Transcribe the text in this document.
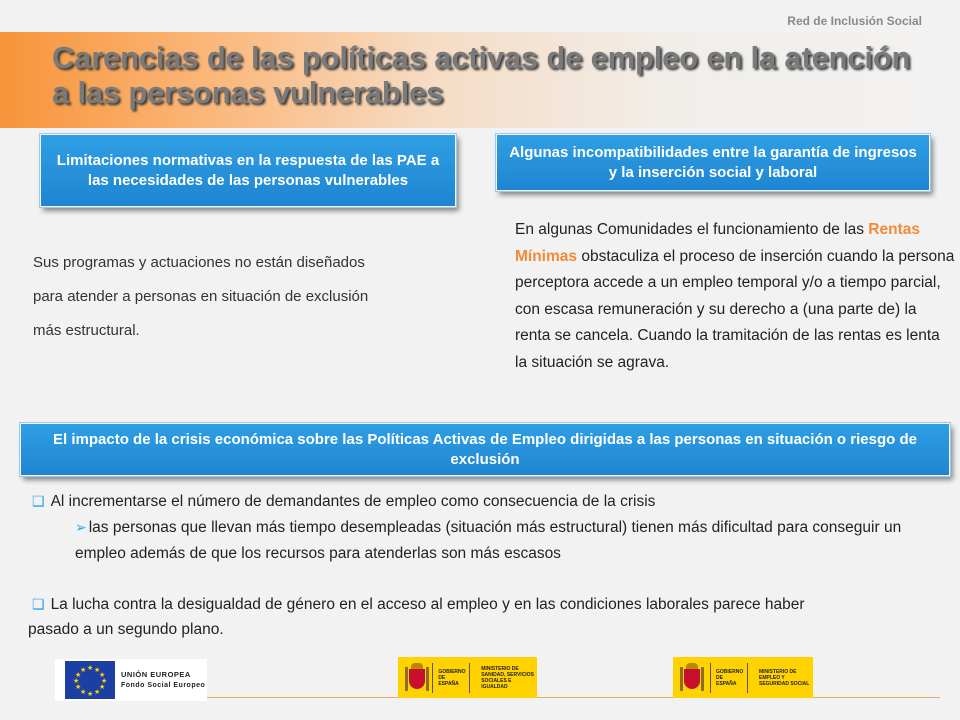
Red de Inclusión Social
Carencias de las políticas activas de empleo en la atención a las personas vulnerables
Limitaciones normativas en la respuesta de las PAE a las necesidades de las personas vulnerables
Algunas incompatibilidades entre la garantía de ingresos y la inserción social y laboral
Sus programas y actuaciones no están diseñados
para atender a personas en situación de exclusión
más estructural.
En algunas Comunidades el funcionamiento de las Rentas Mínimas obstaculiza el proceso de inserción cuando la persona perceptora accede a un empleo temporal y/o a tiempo parcial, con escasa remuneración y su derecho a (una parte de) la renta se cancela. Cuando la tramitación de las rentas es lenta la situación se agrava.
El impacto de la crisis económica sobre las Políticas Activas de Empleo dirigidas a las personas en situación o riesgo de exclusión
❑ Al incrementarse el número de demandantes de empleo como consecuencia de la crisis
➢ las personas que llevan más tiempo desempleadas (situación más estructural) tienen más dificultad para conseguir un empleo además de que los recursos para atenderlas son más escasos
❑ La lucha contra la desigualdad de género en el acceso al empleo y en las condiciones laborales parece haber
pasado a un segundo plano.
★ ★
★
★
★
★
★
★
★
★
★
★	UNIÓN EUROPEA
Fondo Social Europeo
GOBIERNO DE ESPAÑA
MINISTERIO DE SANIDAD, SERVICIOS SOCIALES E IGUALDAD
GOBIERNO DE ESPAÑA
MINISTERIO DE EMPLEO Y SEGURIDAD SOCIAL
